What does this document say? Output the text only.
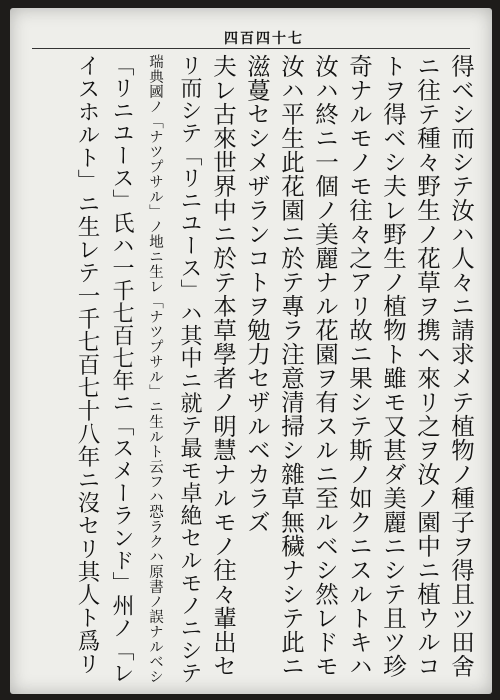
四百四十七
得ベシ而シテ汝ハ人々ニ請求メテ植物ノ種子ヲ得且ツ田舍
ニ往テ種々野生ノ花草ヲ携ヘ來リ之ヲ汝ノ園中ニ植ウルコ
トヲ得ベシ夫レ野生ノ植物ト雖モ又甚ダ美麗ニシテ且ツ珍
奇ナルモノモ往々之アリ故ニ果シテ斯ノ如クニスルトキハ
汝ハ終ニ一個ノ美麗ナル花園ヲ有スルニ至ルベシ然レドモ
汝ハ平生此花園ニ於テ專ラ注意清掃シ雜草無穢ナシテ此ニ
滋蔓セシメザランコトヲ勉力セザルベカラズ
夫レ古來世界中ニ於テ本草學者ノ明慧ナルモノ往々輩出セ
リ而シテ「リニユース」ハ其中ニ就テ最モ卓絶セルモノニシテ
瑞典國ノ「ナツプサル」ノ地ニ生レ「ナツプサル」ニ生ルト云フハ恐ラクハ原書ノ誤ナルベシ
「リニユース」氏ハ一千七百七年ニ「スメーランド」州ノ「レ
イスホルト」ニ生レテ一千七百七十八年ニ沒セリ其人ト爲リ
